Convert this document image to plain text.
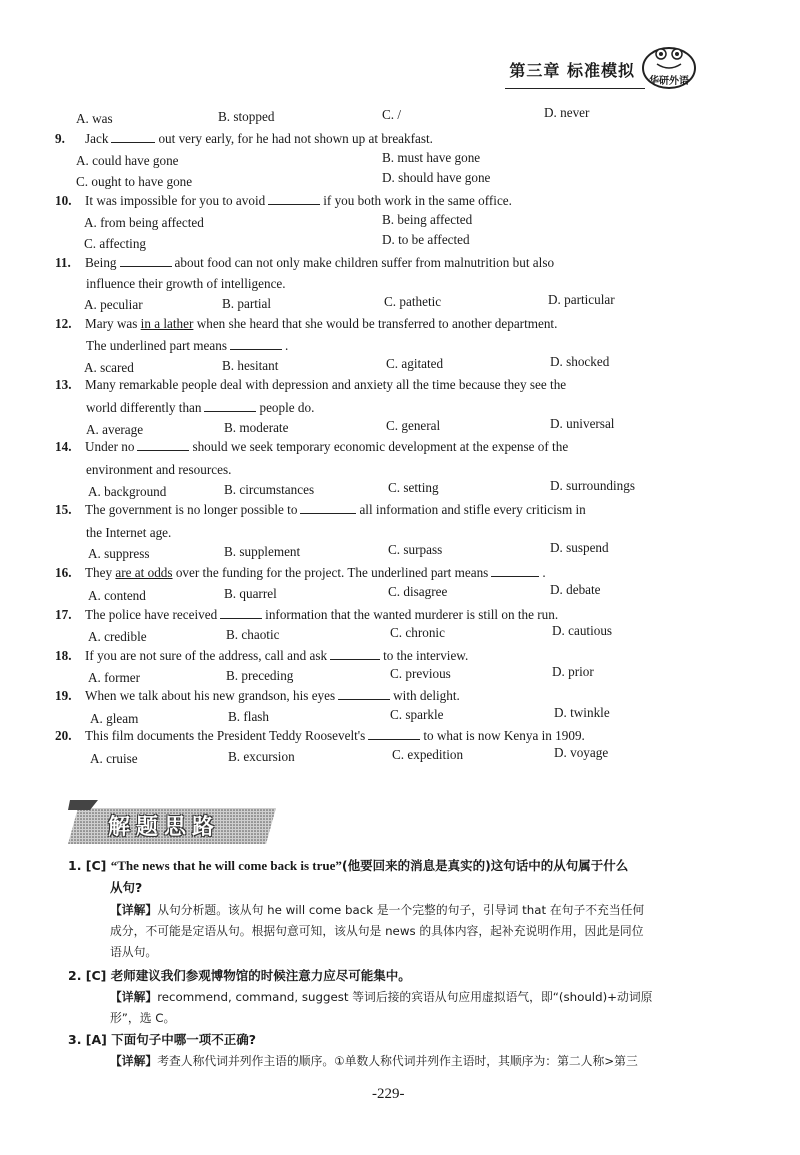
第三章 标准模拟
华研外语
A. was	B. stopped	C. /	D. never
9. Jack	out very early, for he had not shown up at breakfast.
A. could have gone	B. must have gone
C. ought to have gone	D. should have gone
10. It was impossible for you to avoid	if you both work in the same office.
A. from being affected	B. being affected
C. affecting	D. to be affected
11. Being	about food can not only make children suffer from malnutrition but also
influence their growth of intelligence.
A. peculiar	B. partial	C. pathetic	D. particular
12. Mary was in a lather when she heard that she would be transferred to another department.
The underlined part means	.
A. scared	B. hesitant	C. agitated	D. shocked
13. Many remarkable people deal with depression and anxiety all the time because they see the
world differently than	people do.
A. average	B. moderate	C. general	D. universal
14. Under no	should we seek temporary economic development at the expense of the
environment and resources.
A. background	B. circumstances	C. setting	D. surroundings
15. The government is no longer possible to	all information and stifle every criticism in
the Internet age.
A. suppress	B. supplement	C. surpass	D. suspend
16. They are at odds over the funding for the project. The underlined part means	.
A. contend	B. quarrel	C. disagree	D. debate
17. The police have received	information that the wanted murderer is still on the run.
A. credible	B. chaotic	C. chronic	D. cautious
18. If you are not sure of the address, call and ask	to the interview.
A. former	B. preceding	C. previous	D. prior
19. When we talk about his new grandson, his eyes	with delight.
A. gleam	B. flash	C. sparkle	D. twinkle
20. This film documents the President Teddy Roosevelt's	to what is now Kenya in 1909.
A. cruise	B. excursion	C. expedition	D. voyage
解题思路
1. [C] “The news that he will come back is true”(他要回来的消息是真实的)这句话中的从句属于什么
从句?
【详解】从句分析题。该从句 he will come back 是一个完整的句子，引导词 that 在句子不充当任何
成分，不可能是定语从句。根据句意可知，该从句是 news 的具体内容，起补充说明作用，因此是同位
语从句。
2. [C] 老师建议我们参观博物馆的时候注意力应尽可能集中。
【详解】recommend, command, suggest 等词后接的宾语从句应用虚拟语气，即“(should)+动词原
形”，选 C。
3. [A] 下面句子中哪一项不正确?
【详解】考查人称代词并列作主语的顺序。①单数人称代词并列作主语时，其顺序为：第二人称>第三
-229-
